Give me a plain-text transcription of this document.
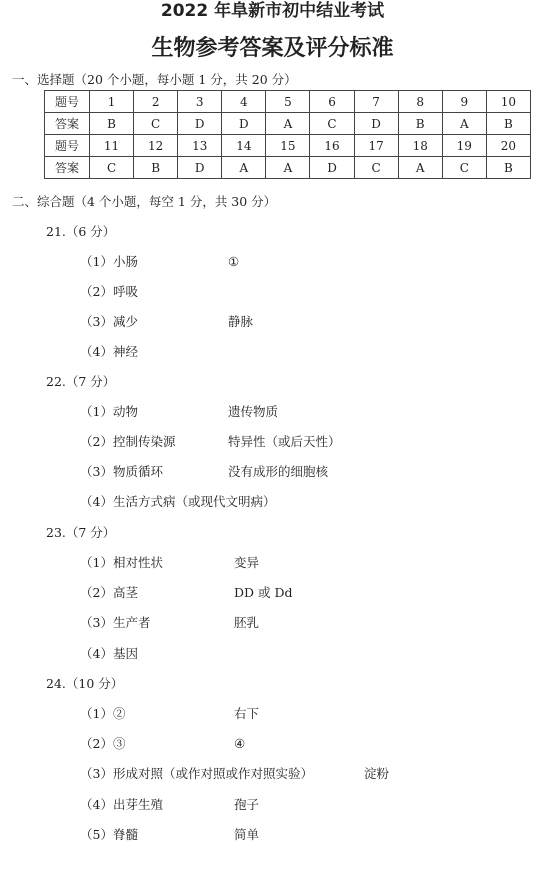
2022 年阜新市初中结业考试
生物参考答案及评分标准
一、选择题（20 个小题，每小题 1 分，共 20 分）
题号	1	2	3	4	5	6	7	8	9	10
答案	B	C	D	D	A	C	D	B	A	B
题号	11	12	13	14	15	16	17	18	19	20
答案	C	B	D	A	A	D	C	A	C	B
二、综合题（4 个小题，每空 1 分，共 30 分）
21.（6 分）
（1）小肠	①
（2）呼吸
（3）减少	静脉
（4）神经
22.（7 分）
（1）动物	遗传物质
（2）控制传染源	特异性（或后天性）
（3）物质循环	没有成形的细胞核
（4）生活方式病（或现代文明病）
23.（7 分）
（1）相对性状	变异
（2）高茎	DD 或 Dd
（3）生产者	胚乳
（4）基因
24.（10 分）
（1）②	右下
（2）③	④
（3）形成对照（或作对照或作对照实验）	淀粉
（4）出芽生殖	孢子
（5）脊髓	简单
